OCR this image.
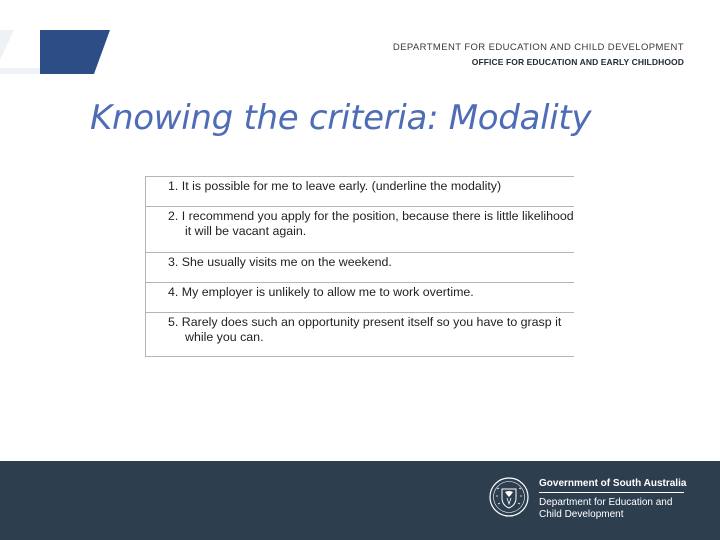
DEPARTMENT FOR EDUCATION AND CHILD DEVELOPMENT
OFFICE FOR EDUCATION AND EARLY CHILDHOOD
Knowing the criteria: Modality
1. It is possible for me to leave early. (underline the modality)
2. I recommend you apply for the position, because there is little likelihood it will be vacant again.
3. She usually visits me on the weekend.
4. My employer is unlikely to allow me to work overtime.
5. Rarely does such an opportunity present itself so you have to grasp it while you can.
Government of South Australia
Department for Education and
Child Development
